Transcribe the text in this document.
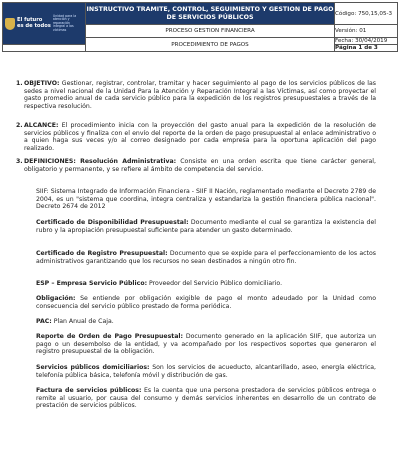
El futuro
es de todos
Unidad para la atención y reparación integral a las víctimas	INSTRUCTIVO TRAMITE, CONTROL, SEGUIMIENTO Y GESTION DE PAGO DE SERVICIOS PÚBLICOS	Código: 750,15,05-3
	PROCESO GESTION FINANCIERA	Versión: 01
	PROCEDIMIENTO DE PAGOS	Fecha: 30/04/2019
		Página 1 de 3
1. OBJETIVO: Gestionar, registrar, controlar, tramitar y hacer seguimiento al pago de los servicios públicos de las sedes a nivel nacional de la Unidad Para la Atención y Reparación Integral a las Víctimas, así como proyectar el gasto promedio anual de cada servicio público para la expedición de los registros presupuestales a través de la respectiva resolución.
2. ALCANCE: El procedimiento inicia con la proyección del gasto anual para la expedición de la resolución de servicios públicos y finaliza con el envío del reporte de la orden de pago presupuestal al enlace administrativo o a quien haga sus veces y/o al correo designado por cada empresa para la oportuna aplicación del pago realizado.
3. DEFINICIONES: Resolución Administrativa: Consiste en una orden escrita que tiene carácter general, obligatorio y permanente, y se refiere al ámbito de competencia del servicio.
SIIF: Sistema Integrado de Información Financiera - SIIF II Nación, reglamentado mediante el Decreto 2789 de 2004, es un "sistema que coordina, integra centraliza y estandariza la gestión financiera pública nacional". Decreto 2674 de 2012
Certificado de Disponibilidad Presupuestal: Documento mediante el cual se garantiza la existencia del rubro y la apropiación presupuestal suficiente para atender un gasto determinado.
Certificado de Registro Presupuestal: Documento que se expide para el perfeccionamiento de los actos administrativos garantizando que los recursos no sean destinados a ningún otro fin.
ESP – Empresa Servicio Público: Proveedor del Servicio Público domiciliario.
Obligación: Se entiende por obligación exigible de pago el monto adeudado por la Unidad como consecuencia del servicio público prestado de forma periódica.
PAC: Plan Anual de Caja.
Reporte de Orden de Pago Presupuestal: Documento generado en la aplicación SIIF, que autoriza un pago o un desembolso de la entidad, y va acompañado por los respectivos soportes que generaron el registro presupuestal de la obligación.
Servicios públicos domiciliarios: Son los servicios de acueducto, alcantarillado, aseo, energía eléctrica, telefonía pública básica, telefonía móvil y distribución de gas.
Factura de servicios públicos: Es la cuenta que una persona prestadora de servicios públicos entrega o remite al usuario, por causa del consumo y demás servicios inherentes en desarrollo de un contrato de prestación de servicios públicos.
